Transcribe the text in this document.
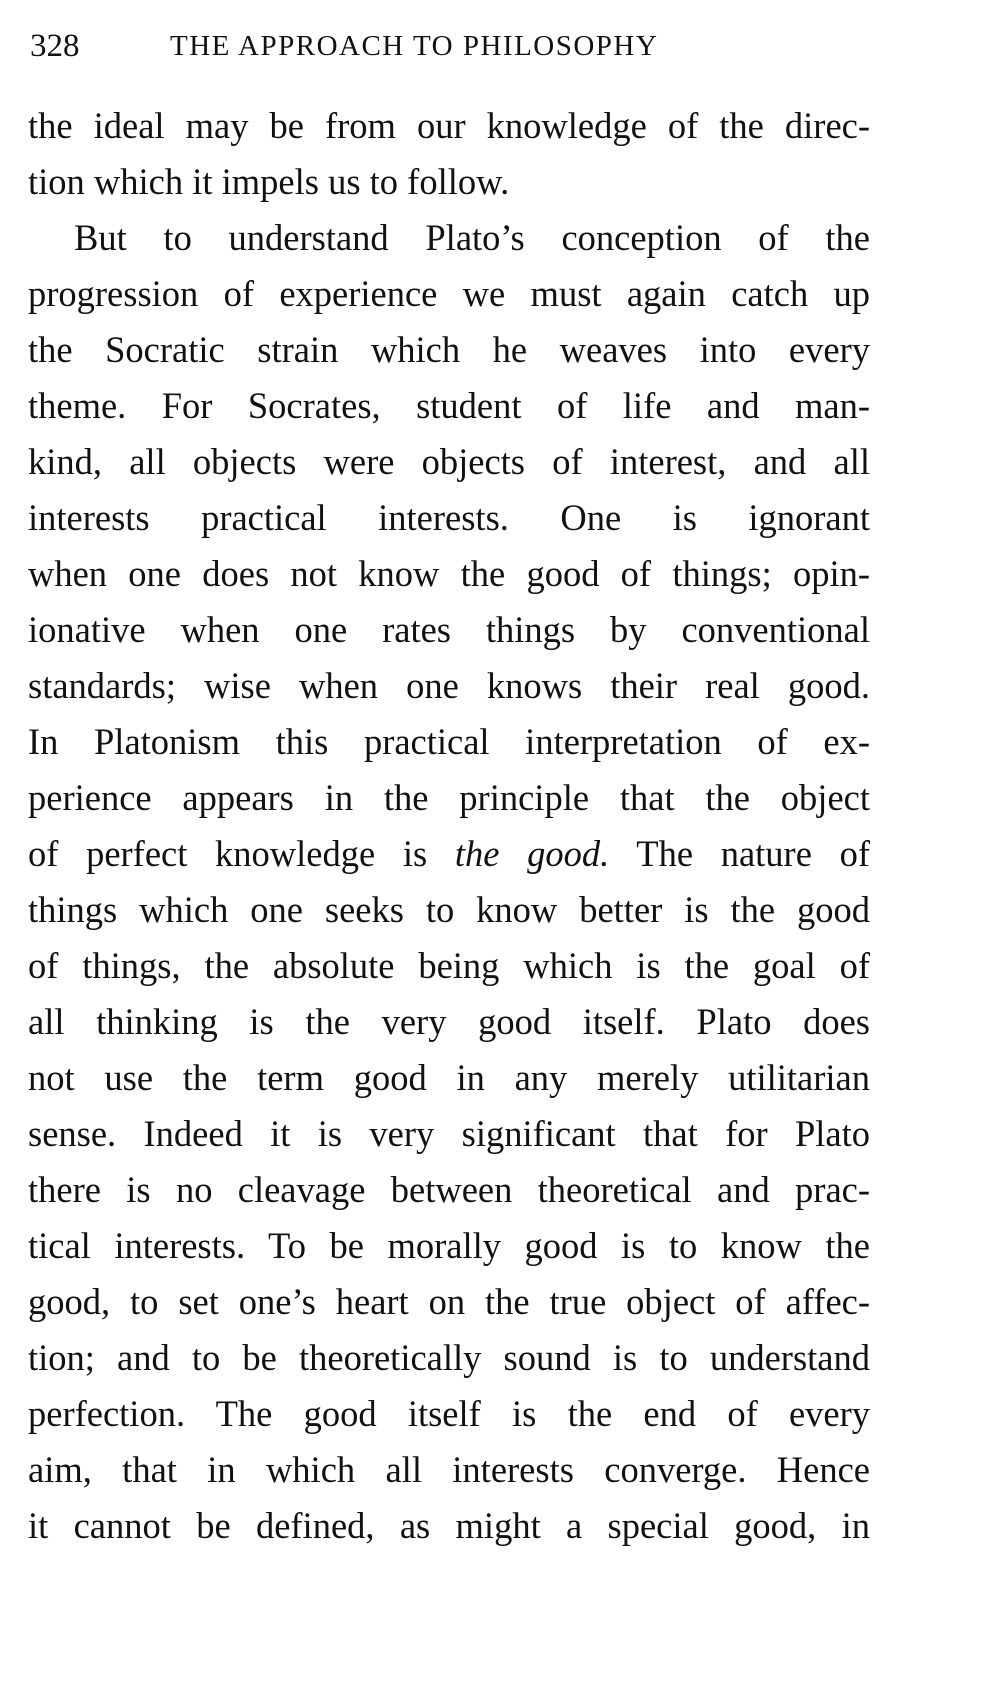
328	THE APPROACH TO PHILOSOPHY
the ideal may be from our knowledge of the direc-
tion which it impels us to follow.
But to understand Plato’s conception of the
progression of experience we must again catch up
the Socratic strain which he weaves into every
theme. For Socrates, student of life and man-
kind, all objects were objects of interest, and all
interests practical interests. One is ignorant
when one does not know the good of things; opin-
ionative when one rates things by conventional
standards; wise when one knows their real good.
In Platonism this practical interpretation of ex-
perience appears in the principle that the object
of perfect knowledge is the good. The nature of
things which one seeks to know better is the good
of things, the absolute being which is the goal of
all thinking is the very good itself. Plato does
not use the term good in any merely utilitarian
sense. Indeed it is very significant that for Plato
there is no cleavage between theoretical and prac-
tical interests. To be morally good is to know the
good, to set one’s heart on the true object of affec-
tion; and to be theoretically sound is to understand
perfection. The good itself is the end of every
aim, that in which all interests converge. Hence
it cannot be defined, as might a special good, in
